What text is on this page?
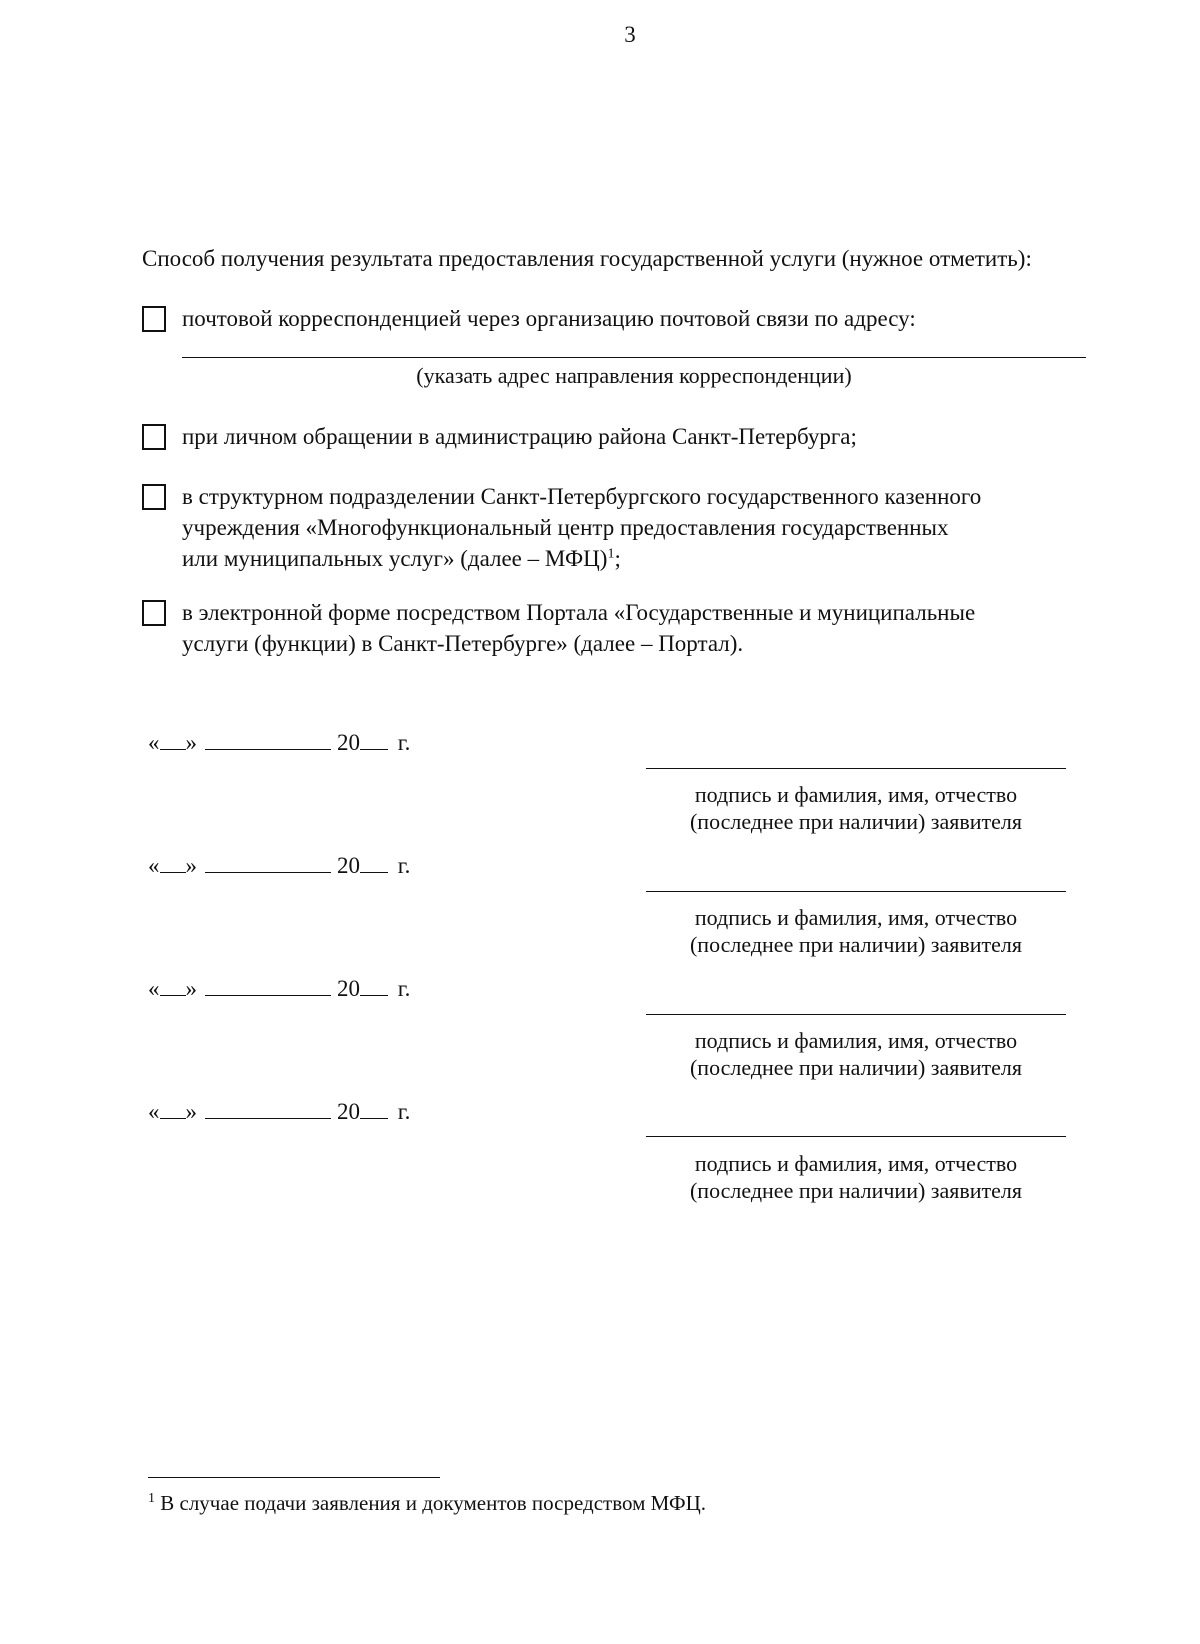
3
Способ получения результата предоставления государственной услуги (нужное отметить):
почтовой корреспонденцией через организацию почтовой связи по адресу:
(указать адрес направления корреспонденции)
при личном обращении в администрацию района Санкт-Петербурга;
в структурном подразделении Санкт-Петербургского государственного казенного
учреждения «Многофункциональный центр предоставления государственных
или муниципальных услуг» (далее – МФЦ)$^1$;
в электронной форме посредством Портала «Государственные и муниципальные
услуги (функции) в Санкт-Петербурге» (далее – Портал).
« »	20 г.
подпись и фамилия, имя, отчество
(последнее при наличии) заявителя
« »	20 г.
подпись и фамилия, имя, отчество
(последнее при наличии) заявителя
« »	20 г.
подпись и фамилия, имя, отчество
(последнее при наличии) заявителя
« »	20 г.
подпись и фамилия, имя, отчество
(последнее при наличии) заявителя
$^1$ В случае подачи заявления и документов посредством МФЦ.
